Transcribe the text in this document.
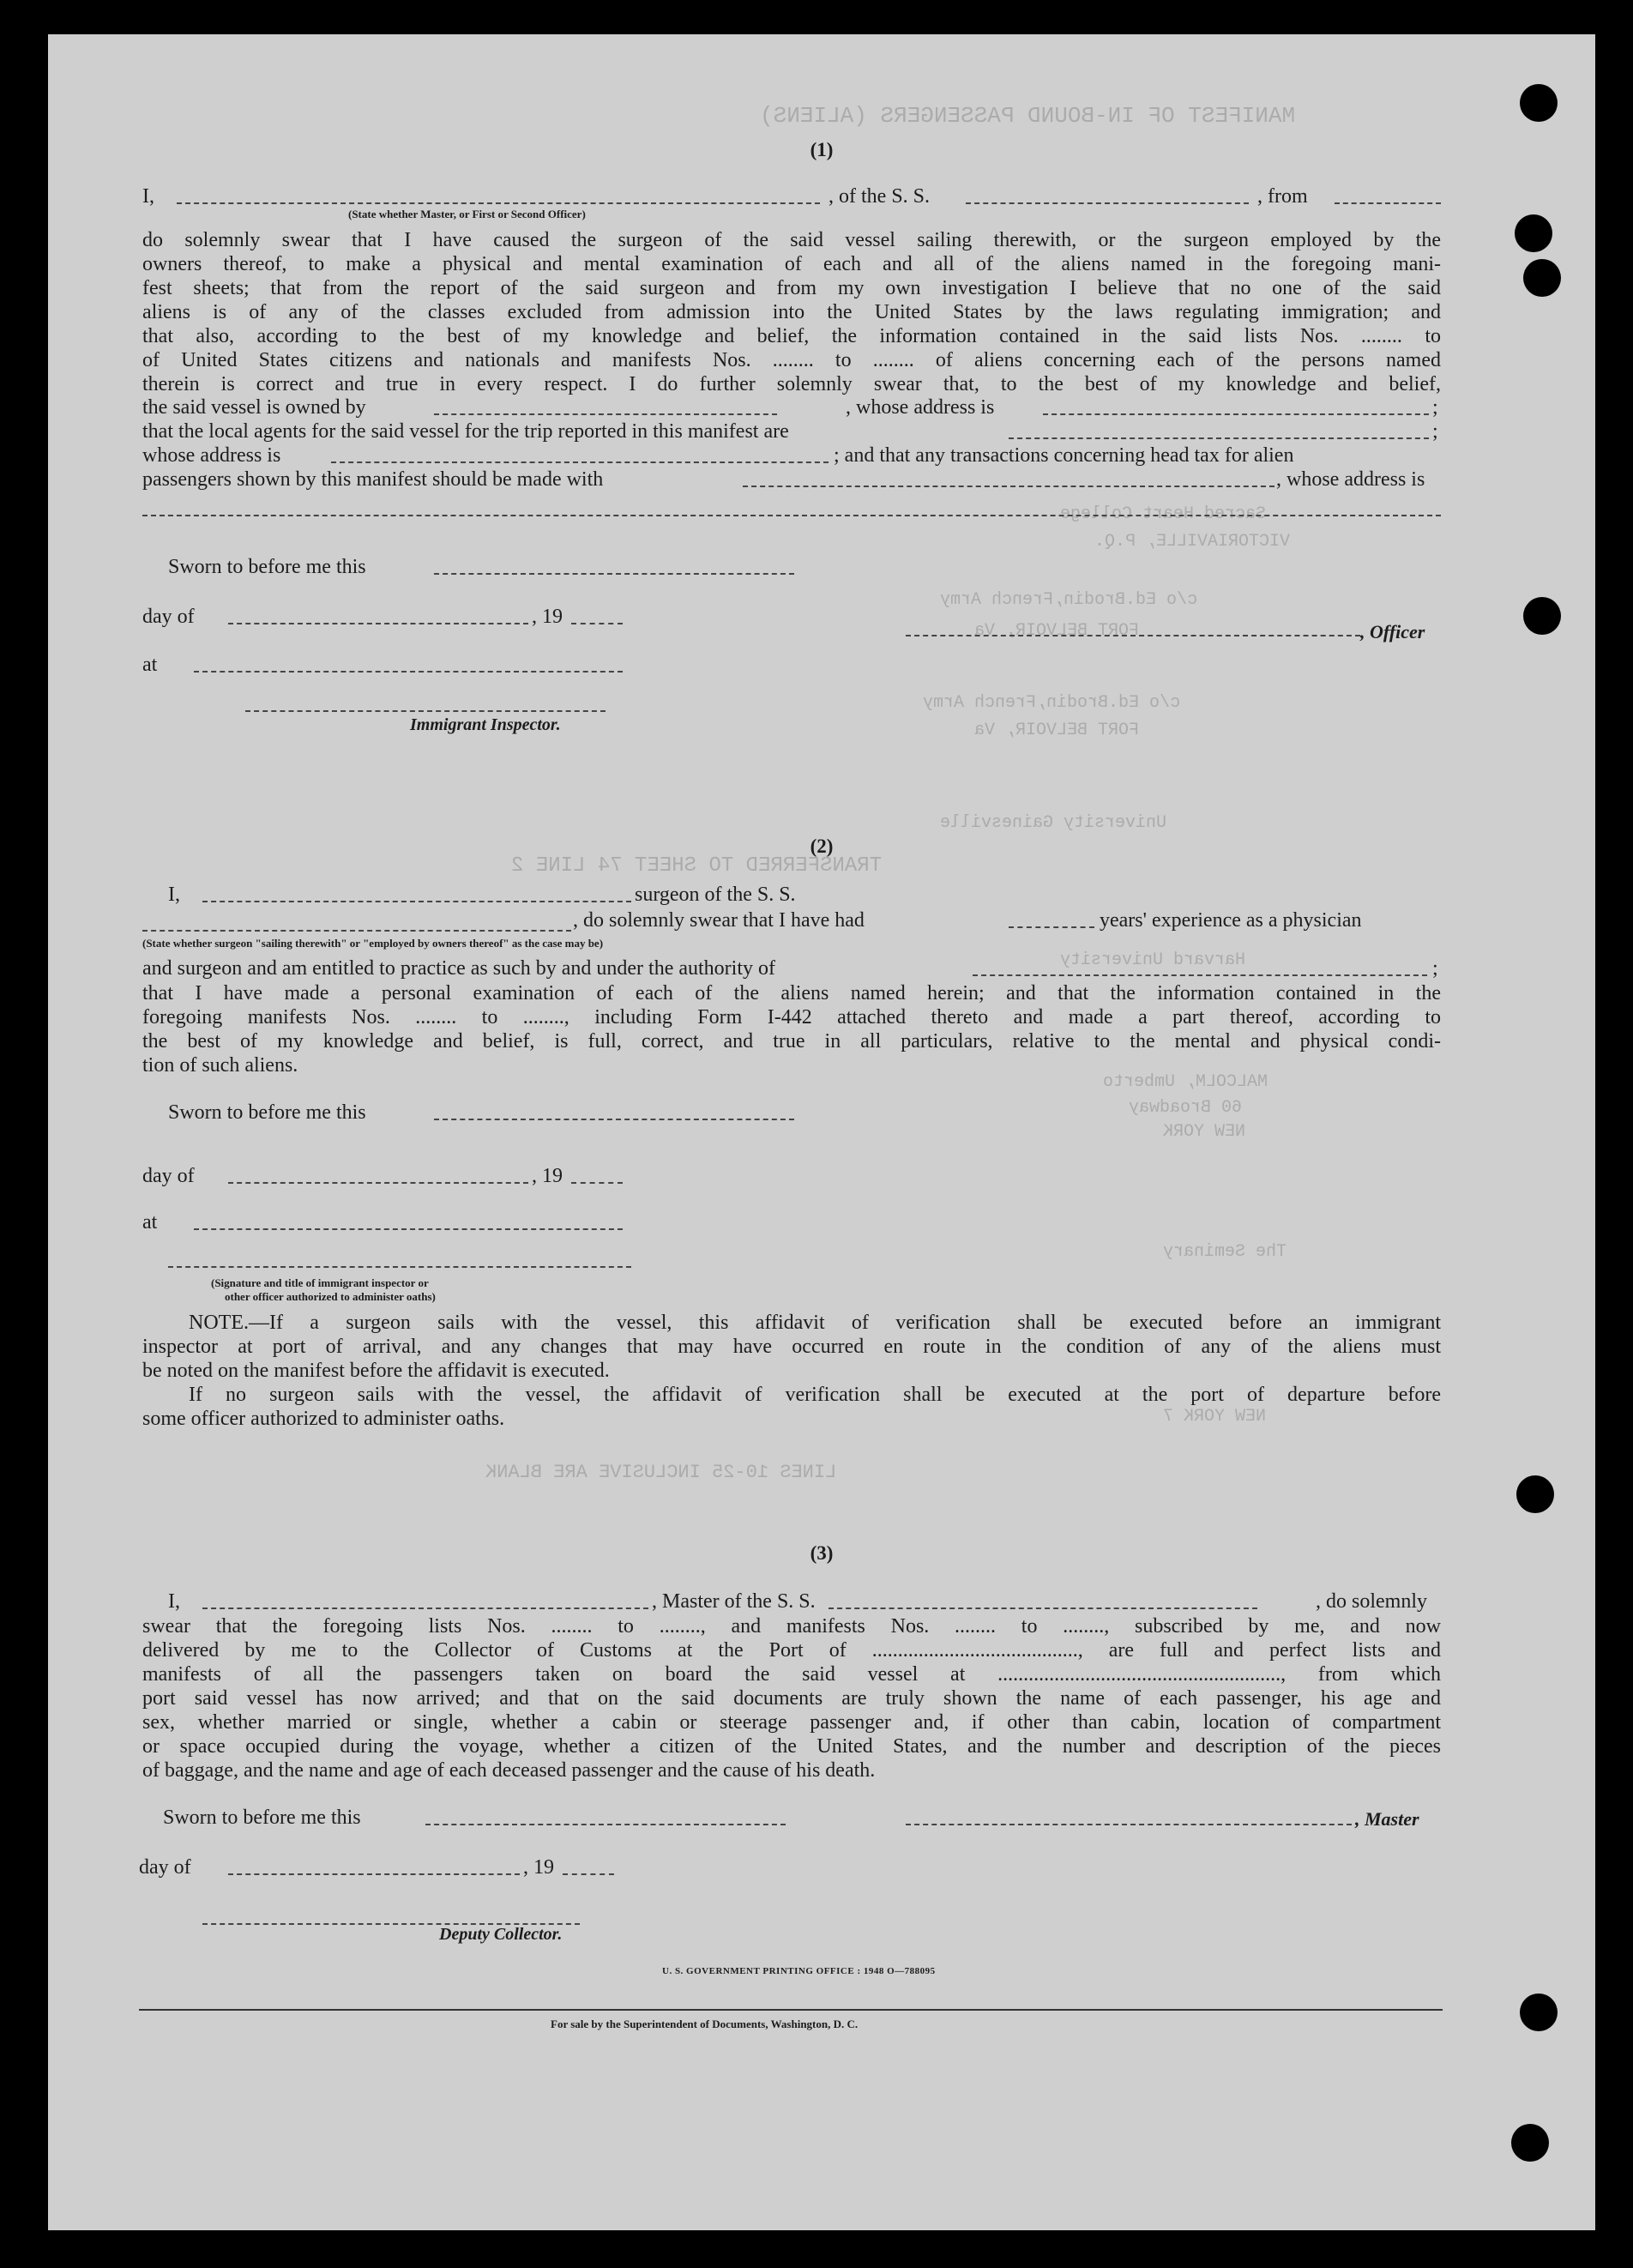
MANIFEST OF IN-BOUND PASSENGERS (ALIENS)
Sacred Heart College
VICTORIAVILLE, P.Q.
c/o Ed.Brodin,French Army
FORT BELVOIR, Va
c/o Ed.Brodin,French Army
FORT BELVOIR, Va
University Gainesville
TRANSFERRED TO SHEET 74 LINE 2
Harvard University
MALCOLM, Umberto
60 Broadway
NEW YORK
The Seminary
NEW YORK 7
LINES 10-25 INCLUSIVE ARE BLANK
(1)
I,	, of the S. S.	, from
(State whether Master, or First or Second Officer)
do solemnly swear that I have caused the surgeon of the said vessel sailing therewith, or the surgeon employed by the
owners thereof, to make a physical and mental examination of each and all of the aliens named in the foregoing mani-
fest sheets; that from the report of the said surgeon and from my own investigation I believe that no one of the said
aliens is of any of the classes excluded from admission into the United States by the laws regulating immigration; and
that also, according to the best of my knowledge and belief, the information contained in the said lists Nos. ........ to
of United States citizens and nationals and manifests Nos. ........ to ........ of aliens concerning each of the persons named
therein is correct and true in every respect. I do further solemnly swear that, to the best of my knowledge and belief,
the said vessel is owned by	, whose address is	;
that the local agents for the said vessel for the trip reported in this manifest are	;
whose address is	; and that any transactions concerning head tax for alien
passengers shown by this manifest should be made with	, whose address is
Sworn to before me this
day of	, 19
at
Immigrant Inspector.
, Officer
(2)
I,	surgeon of the S. S.
, do solemnly swear that I have had	years' experience as a physician
(State whether surgeon "sailing therewith" or "employed by owners thereof" as the case may be)
and surgeon and am entitled to practice as such by and under the authority of	;
that I have made a personal examination of each of the aliens named herein; and that the information contained in the
foregoing manifests Nos. ........ to ........, including Form I-442 attached thereto and made a part thereof, according to
the best of my knowledge and belief, is full, correct, and true in all particulars, relative to the mental and physical condi-
tion of such aliens.
Sworn to before me this
day of	, 19
at
(Signature and title of immigrant inspector or
other officer authorized to administer oaths)
NOTE.—If a surgeon sails with the vessel, this affidavit of verification shall be executed before an immigrant
inspector at port of arrival, and any changes that may have occurred en route in the condition of any of the aliens must
be noted on the manifest before the affidavit is executed.
If no surgeon sails with the vessel, the affidavit of verification shall be executed at the port of departure before
some officer authorized to administer oaths.
(3)
I,	, Master of the S. S.	, do solemnly
swear that the foregoing lists Nos. ........ to ........, and manifests Nos. ........ to ........, subscribed by me, and now
delivered by me to the Collector of Customs at the Port of ........................................, are full and perfect lists and
manifests of all the passengers taken on board the said vessel at ......................................................., from which
port said vessel has now arrived; and that on the said documents are truly shown the name of each passenger, his age and
sex, whether married or single, whether a cabin or steerage passenger and, if other than cabin, location of compartment
or space occupied during the voyage, whether a citizen of the United States, and the number and description of the pieces
of baggage, and the name and age of each deceased passenger and the cause of his death.
Sworn to before me this	, Master
day of	, 19
Deputy Collector.
U. S. GOVERNMENT PRINTING OFFICE : 1948 O—788095
For sale by the Superintendent of Documents, Washington, D. C.
